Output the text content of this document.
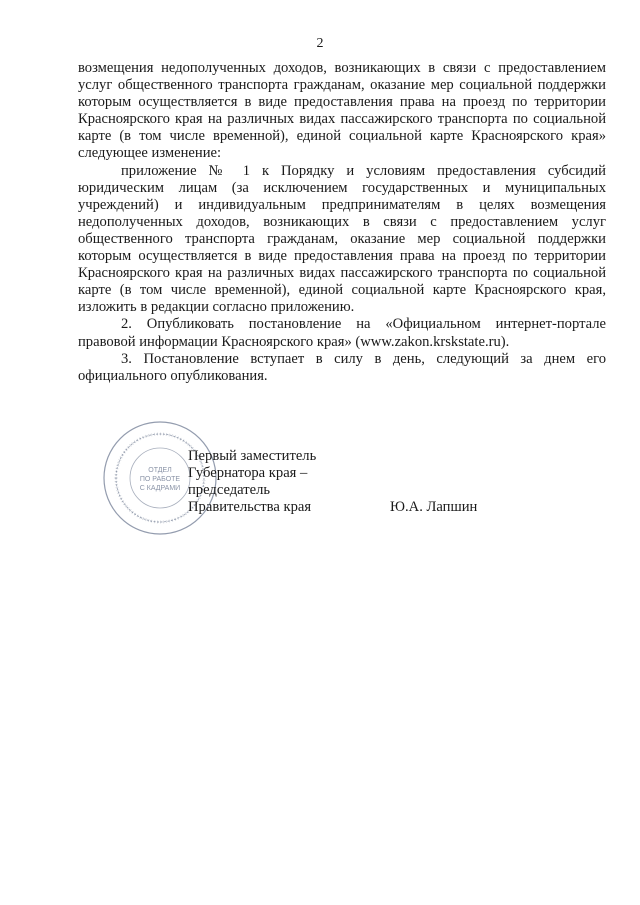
2

возмещения недополученных доходов, возникающих в связи с предоставлением услуг общественного транспорта гражданам, оказание мер социальной поддержки которым осуществляется в виде предоставления права на проезд по территории Красноярского края на различных видах пассажирского транспорта по социальной карте (в том числе временной), единой социальной карте Красноярского края» следующее изменение:

приложение № 1 к Порядку и условиям предоставления субсидий юридическим лицам (за исключением государственных и муниципальных учреждений) и индивидуальным предпринимателям в целях возмещения недополученных доходов, возникающих в связи с предоставлением услуг общественного транспорта гражданам, оказание мер социальной поддержки которым осуществляется в виде предоставления права на проезд по территории Красноярского края на различных видах пассажирского транспорта по социальной карте (в том числе временной), единой социальной карте Красноярского края, изложить в редакции согласно приложению.

2. Опубликовать постановление на «Официальном интернет-портале правовой информации Красноярского края» (www.zakon.krskstate.ru).

3. Постановление вступает в силу в день, следующий за днем его официального опубликования.

ОТДЕЛ
ПО РАБОТЕ
С КАДРАМИ
Первый заместитель
Губернатора края –
председатель
Правительства края	Ю.А. Лапшин
